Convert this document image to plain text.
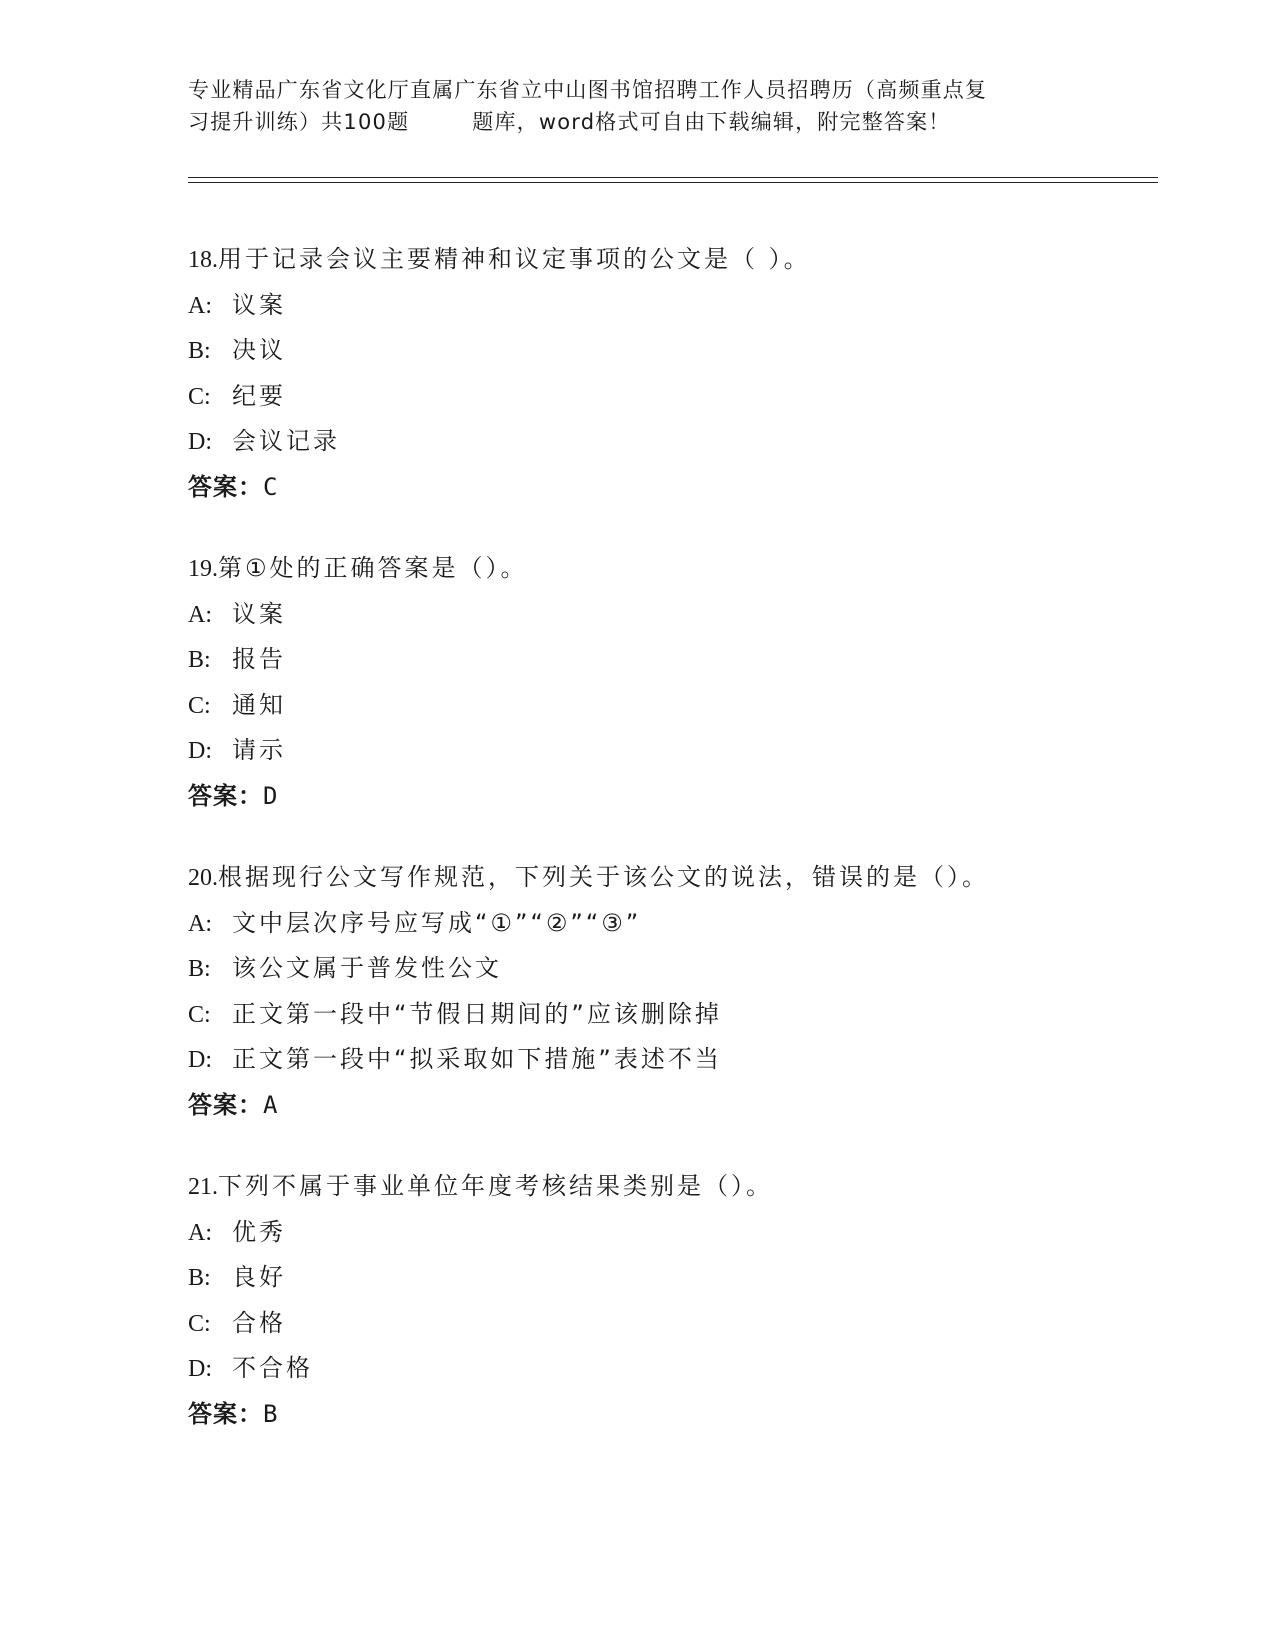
专业精品广东省文化厅直属广东省立中山图书馆招聘工作人员招聘历（高频重点复
习提升训练）共100题        题库，word格式可自由下载编辑，附完整答案！
18.用于记录会议主要精神和议定事项的公文是（ ）。
A: 议案
B: 决议
C: 纪要
D: 会议记录
答案：C
19.第①处的正确答案是（）。
A: 议案
B: 报告
C: 通知
D: 请示
答案：D
20.根据现行公文写作规范，下列关于该公文的说法，错误的是（）。
A: 文中层次序号应写成“①”“②”“③”
B: 该公文属于普发性公文
C: 正文第一段中“节假日期间的”应该删除掉
D: 正文第一段中“拟采取如下措施”表述不当
答案：A
21.下列不属于事业单位年度考核结果类别是（）。
A: 优秀
B: 良好
C: 合格
D: 不合格
答案：B
